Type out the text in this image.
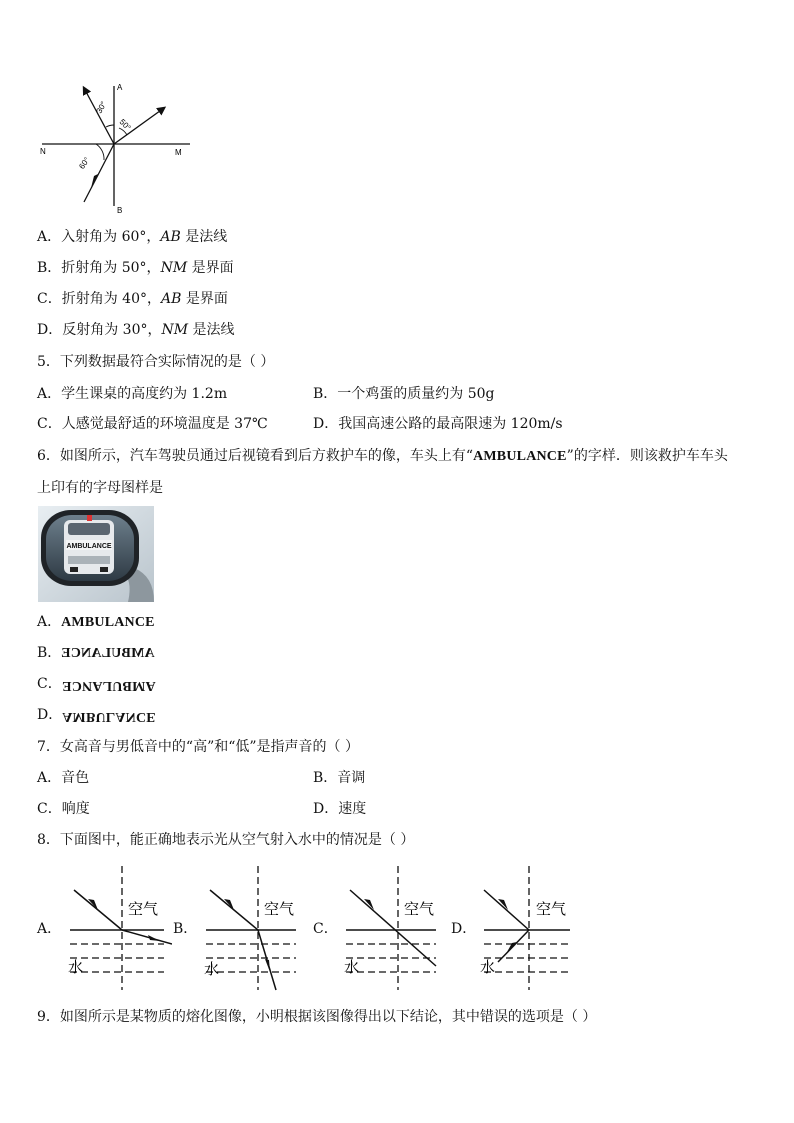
A
B
N	M
30°
50°
60°
A．入射角为 60°，AB 是法线
B．折射角为 50°，NM 是界面
C．折射角为 40°，AB 是界面
D．反射角为 30°，NM 是法线
5．下列数据最符合实际情况的是（ ）
A．学生课桌的高度约为 1.2m	B．一个鸡蛋的质量约为 50g
C．人感觉最舒适的环境温度是 37℃	D．我国高速公路的最高限速为 120m/s
6．如图所示，汽车驾驶员通过后视镜看到后方救护车的像，车头上有“AMBULANCE”的字样．则该救护车车头
上印有的字母图样是
AMBULANCE
A．AMBULANCE
B．AMBULANCE
C．AMBULANCE
D．AMBULANCE
7．女高音与男低音中的“高”和“低”是指声音的（ ）
A．音色	B．音调
C．响度	D．速度
8．下面图中，能正确地表示光从空气射入水中的情况是（ ）
A．	B．	C．	D．
空气
水
空气
水
空气
水
空气
水
9．如图所示是某物质的熔化图像，小明根据该图像得出以下结论，其中错误的选项是（ ）
